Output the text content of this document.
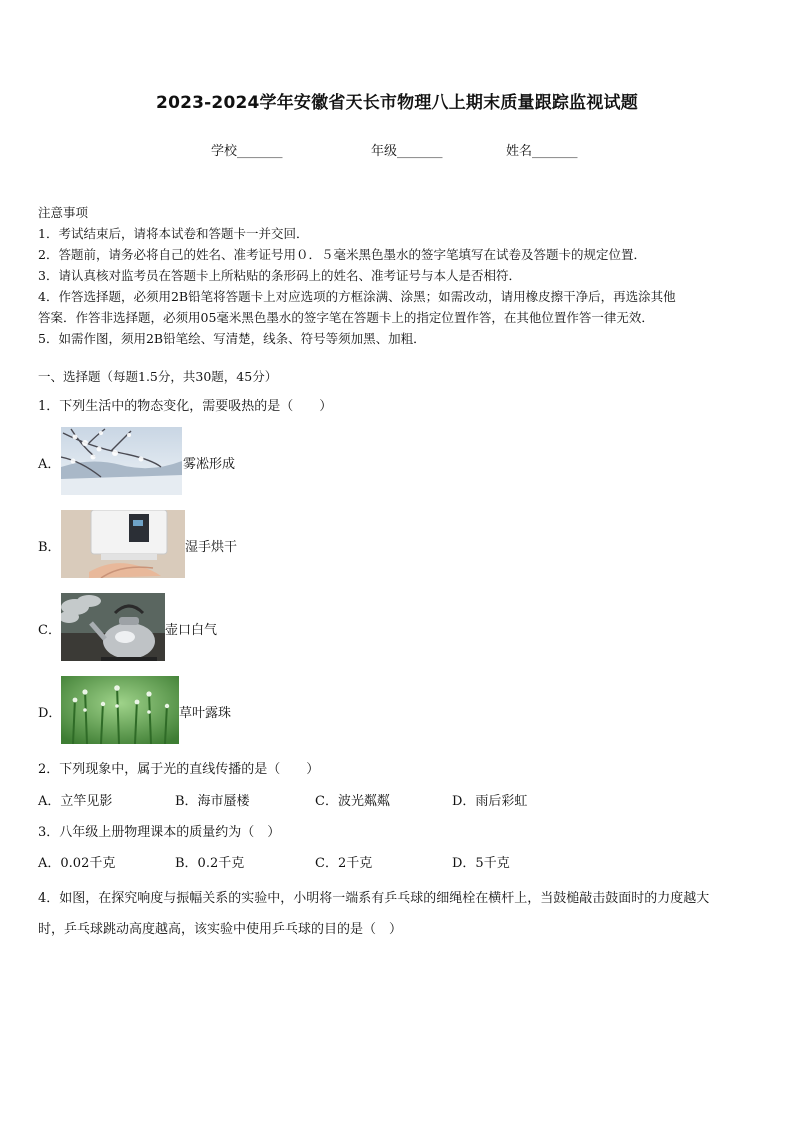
2023-2024学年安徽省天长市物理八上期末质量跟踪监视试题
学校_______	年级_______	姓名_______
注意事项
1．考试结束后，请将本试卷和答题卡一并交回．
2．答题前，请务必将自己的姓名、准考证号用０．５毫米黑色墨水的签字笔填写在试卷及答题卡的规定位置．
3．请认真核对监考员在答题卡上所粘贴的条形码上的姓名、准考证号与本人是否相符．
4．作答选择题，必须用2B铅笔将答题卡上对应选项的方框涂满、涂黑；如需改动，请用橡皮擦干净后，再选涂其他
答案．作答非选择题，必须用05毫米黑色墨水的签字笔在答题卡上的指定位置作答，在其他位置作答一律无效．
5．如需作图，须用2B铅笔绘、写清楚，线条、符号等须加黑、加粗．
一、选择题（每题1.5分，共30题，45分）
1．下列生活中的物态变化，需要吸热的是（　　）
A．	雾凇形成
B．	湿手烘干
C．	壶口白气
D．	草叶露珠
2．下列现象中，属于光的直线传播的是（　　）
A．立竿见影	B．海市蜃楼	C．波光粼粼	D．雨后彩虹
3．八年级上册物理课本的质量约为（　）
A．0.02千克	B．0.2千克	C．2千克	D．5千克
4．如图，在探究响度与振幅关系的实验中，小明将一端系有乒乓球的细绳栓在横杆上，当鼓槌敲击鼓面时的力度越大
时，乒乓球跳动高度越高，该实验中使用乒乓球的目的是（　）
